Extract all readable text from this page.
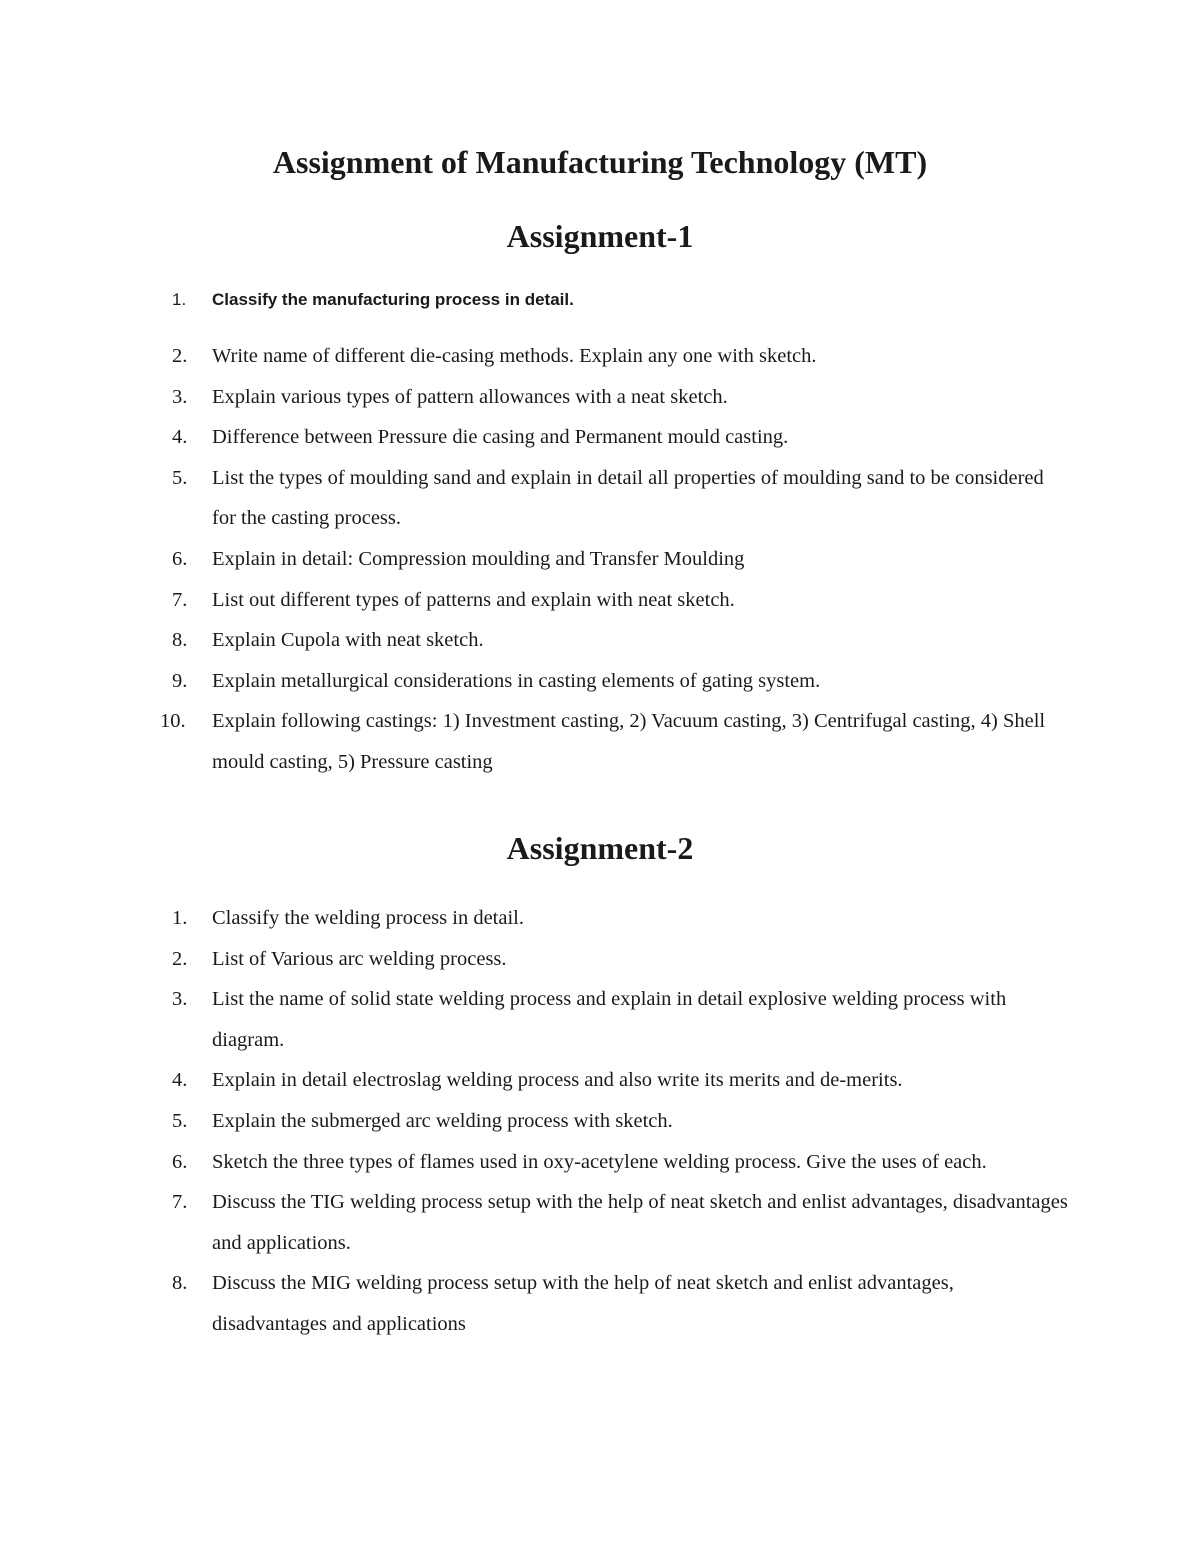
Assignment of Manufacturing Technology (MT)
Assignment-1
1.	Classify the manufacturing process in detail.
2.	Write name of different die-casing methods. Explain any one with sketch.
3.	Explain various types of pattern allowances with a neat sketch.
4.	Difference between Pressure die casing and Permanent mould casting.
5.	List the types of moulding sand and explain in detail all properties of moulding sand to be considered for the casting process.
6.	Explain in detail: Compression moulding and Transfer Moulding
7.	List out different types of patterns and explain with neat sketch.
8.	Explain Cupola with neat sketch.
9.	Explain metallurgical considerations in casting elements of gating system.
10.	Explain following castings: 1) Investment casting, 2) Vacuum casting, 3) Centrifugal casting, 4) Shell mould casting, 5) Pressure casting
Assignment-2
1.	Classify the welding process in detail.
2.	List of Various arc welding process.
3.	List the name of solid state welding process and explain in detail explosive welding process with diagram.
4.	Explain in detail electroslag welding process and also write its merits and de-merits.
5.	Explain the submerged arc welding process with sketch.
6.	Sketch the three types of flames used in oxy-acetylene welding process. Give the uses of each.
7.	Discuss the TIG welding process setup with the help of neat sketch and enlist advantages, disadvantages and applications.
8.	Discuss the MIG welding process setup with the help of neat sketch and enlist advantages, disadvantages and applications
